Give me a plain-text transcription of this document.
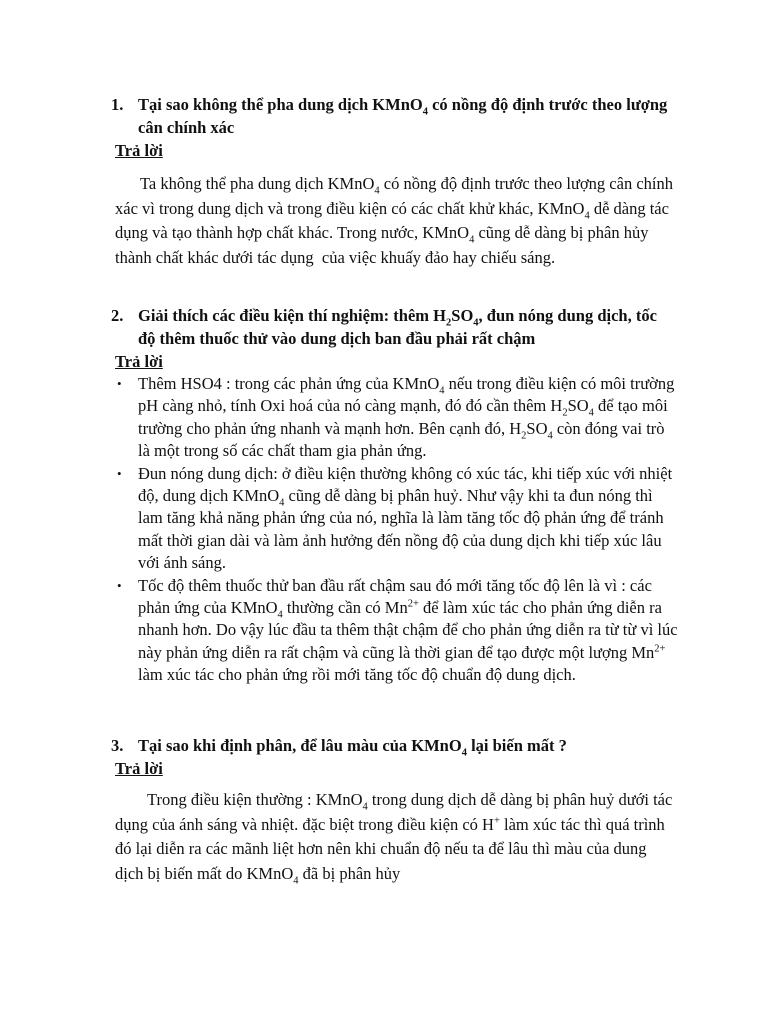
1. Tại sao không thể pha dung dịch KMnO$_4$ có nồng độ định trước theo lượng cân chính xác
Trả lời
Ta không thể pha dung dịch KMnO$_4$ có nồng độ định trước theo lượng cân chính xác vì trong dung dịch và trong điều kiện có các chất khử khác, KMnO$_4$ dễ dàng tác dụng và tạo thành hợp chất khác. Trong nước, KMnO$_4$ cũng dễ dàng bị phân hủy thành chất khác dưới tác dụng  của việc khuấy đảo hay chiếu sáng.
2. Giải thích các điều kiện thí nghiệm: thêm $H_2SO_4$, đun nóng dung dịch, tốc độ thêm thuốc thử vào dung dịch ban đầu phải rất chậm
Trả lời
• Thêm HSO4 : trong các phản ứng của KMnO$_4$ nếu trong điều kiện có môi trường pH càng nhỏ, tính Oxi hoá của nó càng mạnh, đó đó cần thêm $H_2SO_4$ để tạo môi trường cho phản ứng nhanh và mạnh hơn. Bên cạnh đó, $H_2SO_4$ còn đóng vai trò là một trong số các chất tham gia phản ứng.
• Đun nóng dung dịch: ở điều kiện thường không có xúc tác, khi tiếp xúc với nhiệt độ, dung dịch KMnO$_4$ cũng dễ dàng bị phân huỷ. Như vậy khi ta đun nóng thì lam tăng khả năng phản ứng của nó, nghĩa là làm tăng tốc độ phản ứng để tránh mất thời gian dài và làm ảnh hưởng đến nồng độ của dung dịch khi tiếp xúc lâu với ánh sáng.
• Tốc độ thêm thuốc thử ban đầu rất chậm sau đó mới tăng tốc độ lên là vì : các phản ứng của KMnO$_4$ thường cần có $Mn^{2+}$ để làm xúc tác cho phản ứng diễn ra nhanh hơn. Do vậy lúc đầu ta thêm thật chậm để cho phản ứng diễn ra từ từ vì lúc này phản ứng diễn ra rất chậm và cũng là thời gian để tạo được một lượng $Mn^{2+}$ làm xúc tác cho phản ứng rồi mới tăng tốc độ chuẩn độ dung dịch.
3. Tại sao khi định phân, để lâu màu của KMnO$_4$ lại biến mất ?
Trả lời
Trong điều kiện thường : KMnO$_4$ trong dung dịch dễ dàng bị phân huỷ dưới tác dụng của ánh sáng và nhiệt. đặc biệt trong điều kiện có H+ làm xúc tác thì quá trình đó lại diễn ra các mãnh liệt hơn nên khi chuẩn độ nếu ta để lâu thì màu của dung dịch bị biến mất do KMnO$_4$ đã bị phân hủy
